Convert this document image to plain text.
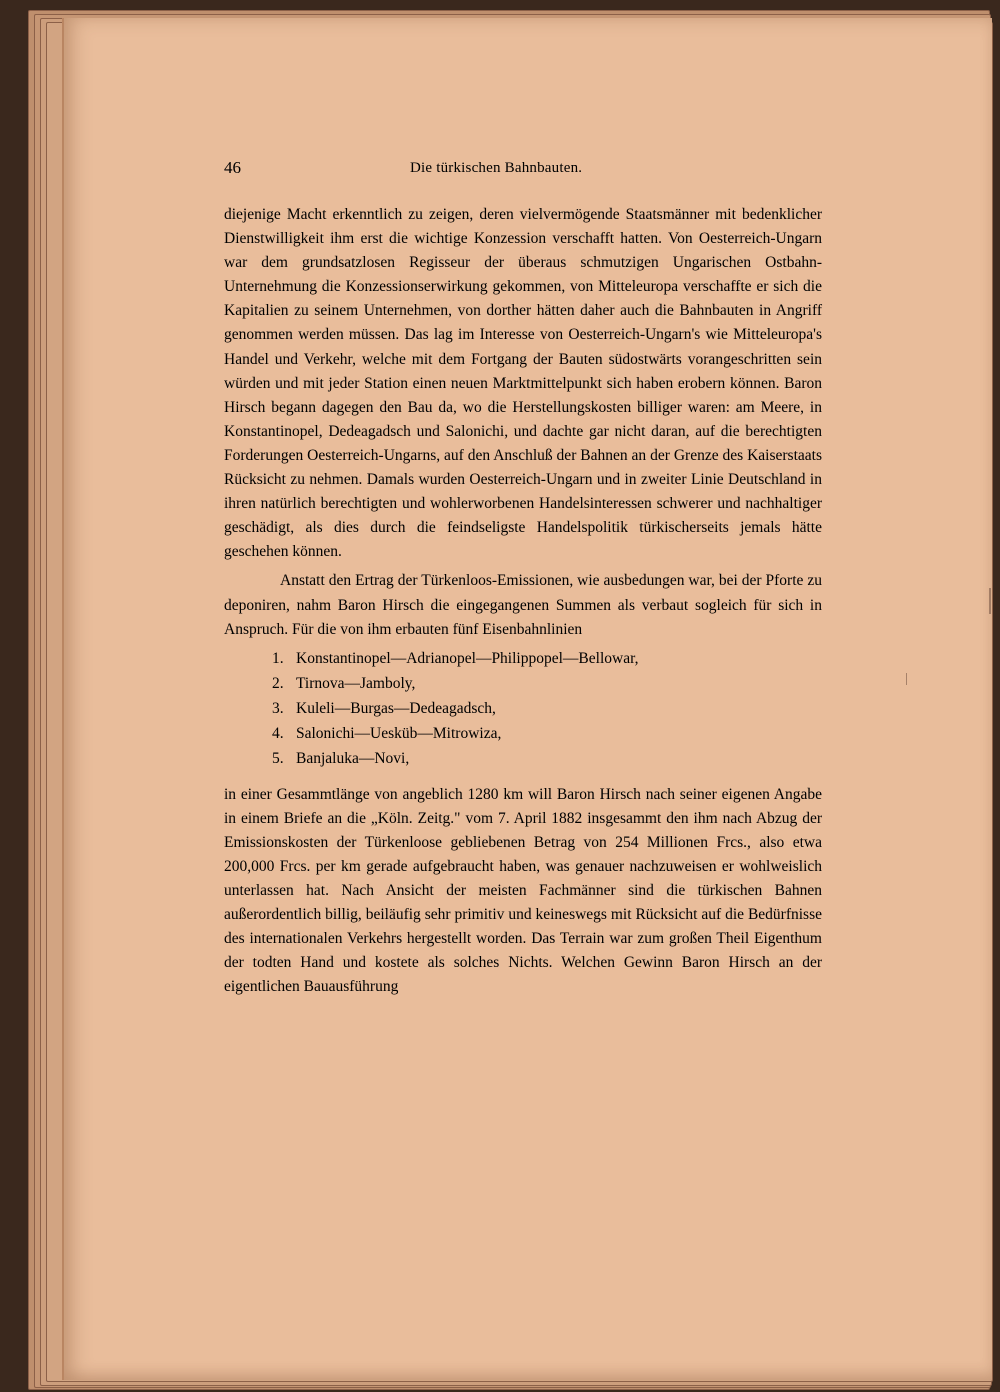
46	Die türkischen Bahnbauten.

diejenige Macht erkenntlich zu zeigen, deren vielvermögende Staatsmänner mit bedenklicher Dienstwilligkeit ihm erst die wichtige Konzession verschafft hatten. Von Oesterreich-Ungarn war dem grundsatzlosen Regisseur der überaus schmutzigen Ungarischen Ostbahn-Unternehmung die Konzessionserwirkung gekommen, von Mitteleuropa verschaffte er sich die Kapitalien zu seinem Unternehmen, von dorther hätten daher auch die Bahnbauten in Angriff genommen werden müssen. Das lag im Interesse von Oesterreich-Ungarn's wie Mitteleuropa's Handel und Verkehr, welche mit dem Fortgang der Bauten südostwärts vorangeschritten sein würden und mit jeder Station einen neuen Marktmittelpunkt sich haben erobern können. Baron Hirsch begann dagegen den Bau da, wo die Herstellungskosten billiger waren: am Meere, in Konstantinopel, Dedeagadsch und Salonichi, und dachte gar nicht daran, auf die berechtigten Forderungen Oesterreich-Ungarns, auf den Anschluß der Bahnen an der Grenze des Kaiserstaats Rücksicht zu nehmen. Damals wurden Oesterreich-Ungarn und in zweiter Linie Deutschland in ihren natürlich berechtigten und wohlerworbenen Handelsinteressen schwerer und nachhaltiger geschädigt, als dies durch die feindseligste Handelspolitik türkischerseits jemals hätte geschehen können.

Anstatt den Ertrag der Türkenloos-Emissionen, wie ausbedungen war, bei der Pforte zu deponiren, nahm Baron Hirsch die eingegangenen Summen als verbaut sogleich für sich in Anspruch. Für die von ihm erbauten fünf Eisenbahnlinien

1. Konstantinopel—Adrianopel—Philippopel—Bellowar,
2. Tirnova—Jamboly,
3. Kuleli—Burgas—Dedeagadsch,
4. Salonichi—Uesküb—Mitrowiza,
5. Banjaluka—Novi,

in einer Gesammtlänge von angeblich 1280 km will Baron Hirsch nach seiner eigenen Angabe in einem Briefe an die „Köln. Zeitg." vom 7. April 1882 insgesammt den ihm nach Abzug der Emissionskosten der Türkenloose gebliebenen Betrag von 254 Millionen Frcs., also etwa 200,000 Frcs. per km gerade aufgebraucht haben, was genauer nachzuweisen er wohlweislich unterlassen hat. Nach Ansicht der meisten Fachmänner sind die türkischen Bahnen außerordentlich billig, beiläufig sehr primitiv und keineswegs mit Rücksicht auf die Bedürfnisse des internationalen Verkehrs hergestellt worden. Das Terrain war zum großen Theil Eigenthum der todten Hand und kostete als solches Nichts. Welchen Gewinn Baron Hirsch an der eigentlichen Bauausführung
